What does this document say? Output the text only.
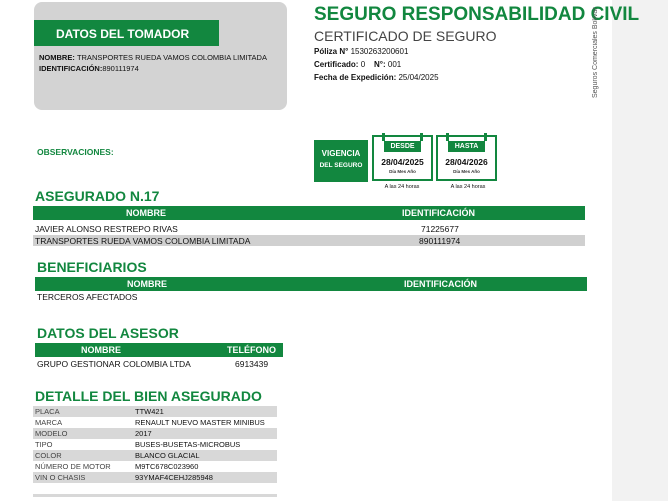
DATOS DEL TOMADOR
NOMBRE: TRANSPORTES RUEDA VAMOS COLOMBIA LIMITADA
IDENTIFICACIÓN:890111974
SEGURO RESPONSABILIDAD CIVIL
CERTIFICADO DE SEGURO
Póliza N° 1530263200601
Certificado: 0 N°: 001
Fecha de Expedición: 25/04/2025	Seguros Comerciales Bolívar
OBSERVACIONES:	VIGENCIA
DEL SEGURO
DESDE
28/04/2025
Día Mes Año
A las 24 horas
HASTA
28/04/2026
Día Mes Año
A las 24 horas
ASEGURADO N.17
NOMBRE	IDENTIFICACIÓN
JAVIER ALONSO RESTREPO RIVAS	71225677
TRANSPORTES RUEDA VAMOS COLOMBIA LIMITADA	890111974
BENEFICIARIOS
NOMBRE	IDENTIFICACIÓN
TERCEROS AFECTADOS
DATOS DEL ASESOR
NOMBRE	TELÉFONO
GRUPO GESTIONAR COLOMBIA LTDA	6913439
DETALLE DEL BIEN ASEGURADO
PLACA	TTW421
MARCA	RENAULT NUEVO MASTER MINIBUS
MODELO	2017
TIPO	BUSES-BUSETAS-MICROBUS
COLOR	BLANCO GLACIAL
NÚMERO DE MOTOR	M9TC678C023960
VIN O CHASIS	93YMAF4CEHJ285948
